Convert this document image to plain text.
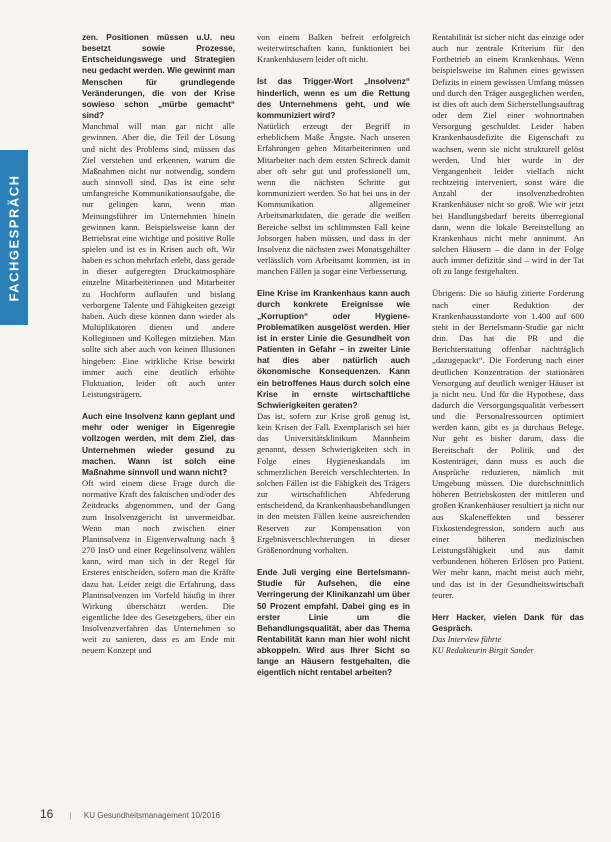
FACHGESPRÄCH

zen. Positionen müssen u.U. neu besetzt sowie Prozesse, Entscheidungswege und Strategien neu gedacht werden. Wie gewinnt man Menschen für grundlegende Veränderungen, die von der Krise sowieso schon „mürbe gemacht“ sind?

Manchmal will man gar nicht alle gewinnen. Aber die, die Teil der Lösung und nicht des Problems sind, müssen das Ziel verstehen und erkennen, warum die Maßnahmen nicht nur notwendig, sondern auch sinnvoll sind. Das ist eine sehr umfangreiche Kommunikationsaufgabe, die nur gelingen kann, wenn man Meinungsführer im Unternehmen hinein gewinnen kann. Beispielsweise kann der Betriebsrat eine wichtige und positive Rolle spielen und ist es in Krisen auch oft. Wir haben es schon mehrfach erlebt, dass gerade in dieser aufgeregten Druckatmosphäre einzelne Mitarbeiterinnen und Mitarbeiter zu Hochform auflaufen und bislang verborgene Talente und Fähigkeiten gezeigt haben. Auch diese können dann wieder als Multiplikatoren dienen und andere Kolleginnen und Kollegen mitziehen. Man sollte sich aber auch von keinen Illusionen hingeben: Eine wirkliche Krise bewirkt immer auch eine deutlich erhöhte Fluktuation, leider oft auch unter Leistungsträgern.

Auch eine Insolvenz kann geplant und mehr oder weniger in Eigenregie vollzogen werden, mit dem Ziel, das Unternehmen wieder gesund zu machen. Wann ist solch eine Maßnahme sinnvoll und wann nicht?

Oft wird einem diese Frage durch die normative Kraft des faktischen und/oder des Zeitdrucks abgenommen, und der Gang zum Insolvenzgericht ist unvermeidbar. Wenn man noch zwischen einer Planinsolvenz in Eigenverwaltung nach § 270 InsO und einer Regelinsolvenz wählen kann, wird man sich in der Regel für Ersteres entscheiden, sofern man die Kräfte dazu hat. Leider zeigt die Erfahrung, dass Planinsolvenzen im Vorfeld häufig in ihrer Wirkung überschätzt werden. Die eigentliche Idee des Gesetzgebers, über ein Insolvenzverfahren das Unternehmen so weit zu sanieren, dass es am Ende mit neuem Konzept und

von einem Balken befreit erfolgreich weiterwirtschaften kann, funktioniert bei Krankenhäusern leider oft nicht.

Ist das Trigger-Wort „Insolvenz“ hinderlich, wenn es um die Rettung des Unternehmens geht, und wie kommuniziert wird?

Natürlich erzeugt der Begriff in erheblichem Maße Ängste. Nach unseren Erfahrungen gehen Mitarbeiterinnen und Mitarbeiter nach dem ersten Schreck damit aber oft sehr gut und professionell um, wenn die nächsten Schritte gut kommuniziert werden. So hat bei uns in der Kommunikation allgemeiner Arbeitsmarktdaten, die gerade die weißen Bereiche selbst im schlimmsten Fall keine Jobsorgen haben müssen, und dass in der Insolvenz die nächsten zwei Monatsgehälter verlässlich vom Arbeitsamt kommen, ist in manchen Fällen ja sogar eine Verbesserung.

Eine Krise im Krankenhaus kann auch durch konkrete Ereignisse wie „Korruption“ oder Hygiene-Problematiken ausgelöst werden. Hier ist in erster Linie die Gesundheit von Patienten in Gefahr – in zweiter Linie hat dies aber natürlich auch ökonomische Konsequenzen. Kann ein betroffenes Haus durch solch eine Krise in ernste wirtschaftliche Schwierigkeiten geraten?

Das ist, sofern zur Krise groß genug ist, kein Krisen der Fall. Exemplarisch sei hier das Universitätsklinikum Mannheim genannt, dessen Schwierigkeiten sich in Folge eines Hygieneskandals im schmerzlichen Bereich verschlechterten. In solchen Fällen ist die Fähigkeit des Trägers zur wirtschaftlichen Abfederung entscheidend, da Krankenhausbehandlungen in den meisten Fällen keine ausreichenden Reserven zur Kompensation von Ergebnisverschlechterungen in dieser Größenordnung vorhalten.

Ende Juli verging eine Bertelsmann-Studie für Aufsehen, die eine Verringerung der Klinikanzahl um über 50 Prozent empfahl. Dabei ging es in erster Linie um die Behandlungsqualität, aber das Thema Rentabilität kann man hier wohl nicht abkoppeln. Wird aus Ihrer Sicht so lange an Häusern festgehalten, die eigentlich nicht rentabel arbeiten?

Rentabilität ist sicher nicht das einzige oder auch nur zentrale Kriterium für den Fortbetrieb an einem Krankenhaus. Wenn beispielsweise im Rahmen eines gewissen Defizits in einem gewissen Umfang müssen und durch den Träger ausgeglichen werden, ist dies oft auch dem Sicherstellungsauftrag oder dem Ziel einer wohnortnahen Versorgung geschuldet. Leider haben Krankenhausdefizite die Eigenschaft zu wachsen, wenn sie nicht strukturell gelöst werden. Und hier wurde in der Vergangenheit leider vielfach nicht rechtzeitig interveniert, sonst wäre die Anzahl der insolvenzbedrohten Krankenhäuser nicht so groß. Wie wir jetzt bei Handlungsbedarf bereits überregional dann, wenn die lokale Bereitstellung an Krankenhaus nicht mehr annimmt. An solchen Häusern – die dann in der Folge auch immer defizitär sind – wird in der Tat oft zu lange festgehalten.

Übrigens: Die so häufig zitierte Forderung nach einer Reduktion der Krankenhausstandorte von 1.400 auf 600 steht in der Bertelsmann-Studie gar nicht drin. Das hat die PR und die Berichterstattung offenbar nachträglich „dazugepackt“. Die Forderung nach einer deutlichen Konzentration der stationären Versorgung auf deutlich weniger Häuser ist ja nicht neu. Und für die Hypothese, dass dadurch die Versorgungsqualität verbessert und die Personalressourcen optimiert werden kann, gibt es ja durchaus Belege. Nur geht es bisher darum, dass die Bereitschaft der Politik und der Kostenträger, dann muss es auch die Ansprüche reduzieren, nämlich mit Umgebung müssen. Die durchschnittlich höheren Betriebskosten der mittleren und großen Krankenhäuser resultiert ja nicht nur aus Skaleneffekten und besserer Fixkostendegression, sondern auch aus einer höheren medizinischen Leistungsfähigkeit und aus damit verbundenen höheren Erlösen pro Patient. Wer mehr kann, macht meist auch mehr, und das ist in der Gesundheitswirtschaft teurer.

Herr Hacker, vielen Dank für das Gespräch.

Das Interview führte

KU Redakteurin Birgit Sander

16 | KU Gesundheitsmanagement 10/2016
